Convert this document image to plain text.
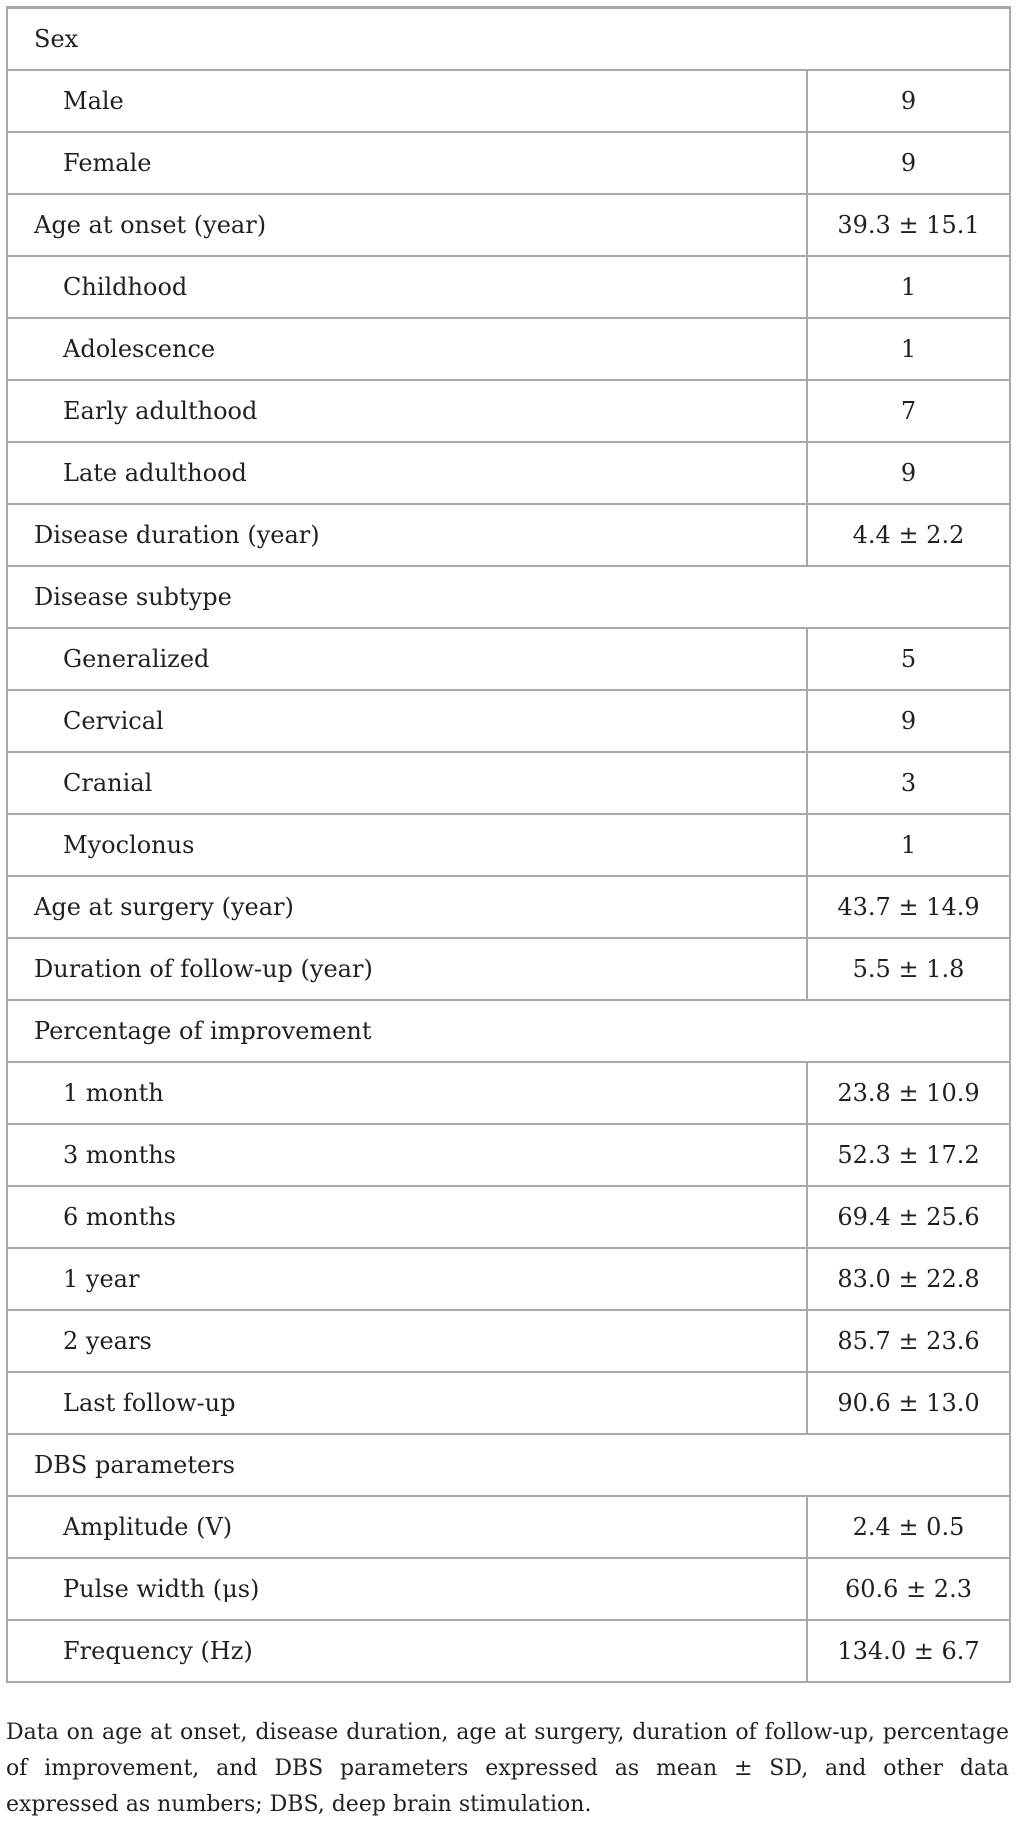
Sex	
Male	9
Female	9
Age at onset (year)	39.3 ± 15.1
Childhood	1
Adolescence	1
Early adulthood	7
Late adulthood	9
Disease duration (year)	4.4 ± 2.2
Disease subtype	
Generalized	5
Cervical	9
Cranial	3
Myoclonus	1
Age at surgery (year)	43.7 ± 14.9
Duration of follow-up (year)	5.5 ± 1.8
Percentage of improvement	
1 month	23.8 ± 10.9
3 months	52.3 ± 17.2
6 months	69.4 ± 25.6
1 year	83.0 ± 22.8
2 years	85.7 ± 23.6
Last follow-up	90.6 ± 13.0
DBS parameters	
Amplitude (V)	2.4 ± 0.5
Pulse width (μs)	60.6 ± 2.3
Frequency (Hz)	134.0 ± 6.7

Data on age at onset, disease duration, age at surgery, duration of follow-up, percentage of improvement, and DBS parameters expressed as mean ± SD, and other data expressed as numbers; DBS, deep brain stimulation.
